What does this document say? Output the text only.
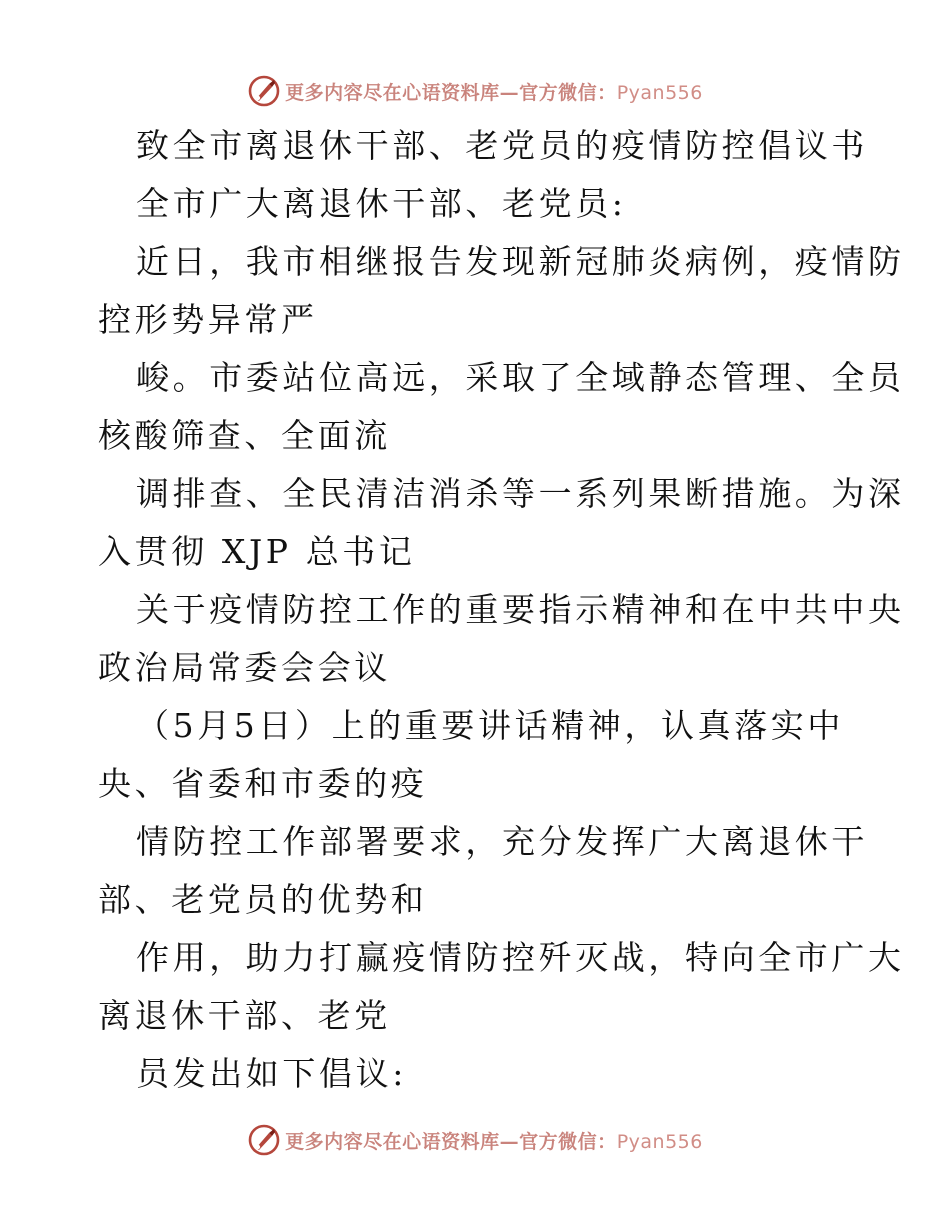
更多内容尽在心语资料库—官方微信：Pyan556
致全市离退休干部、老党员的疫情防控倡议书
全市广大离退休干部、老党员:
近日，我市相继报告发现新冠肺炎病例，疫情防
控形势异常严
峻。市委站位高远，采取了全域静态管理、全员
核酸筛查、全面流
调排查、全民清洁消杀等一系列果断措施。为深
入贯彻 XJP 总书记
关于疫情防控工作的重要指示精神和在中共中央
政治局常委会会议
（5月5日）上的重要讲话精神，认真落实中
央、省委和市委的疫
情防控工作部署要求，充分发挥广大离退休干
部、老党员的优势和
作用，助力打赢疫情防控歼灭战，特向全市广大
离退休干部、老党
员发出如下倡议:
更多内容尽在心语资料库—官方微信：Pyan556
